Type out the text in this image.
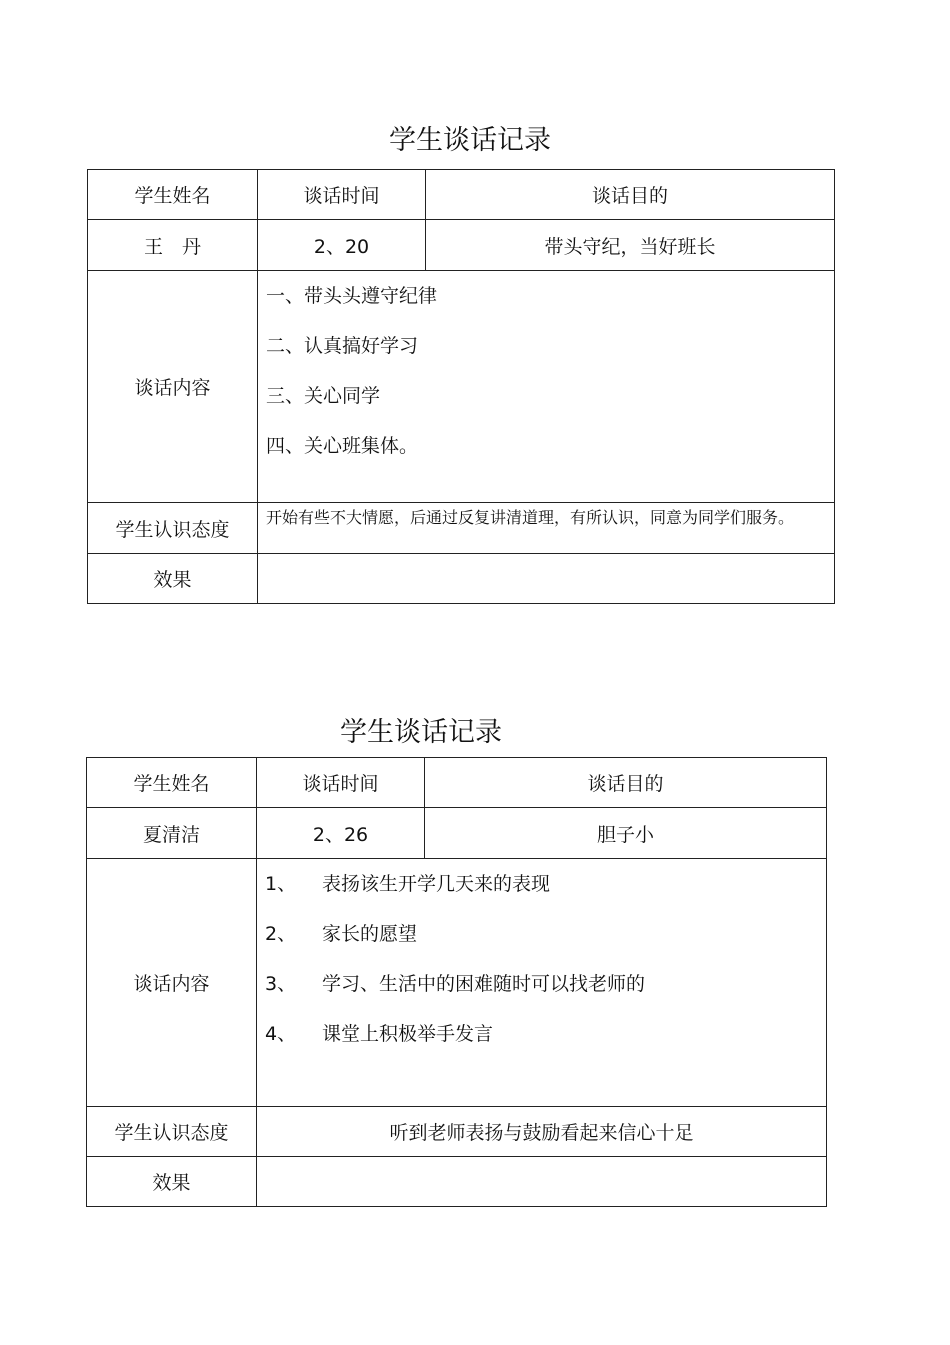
学生谈话记录
学生姓名	谈话时间	谈话目的
王　丹	2、20	带头守纪，当好班长
谈话内容	一、带头头遵守纪律
二、认真搞好学习
三、关心同学
四、关心班集体。	

学生认识态度	开始有些不大情愿，后通过反复讲清道理，有所认识，同意为同学们服务。	
效果		
学生谈话记录
学生姓名	谈话时间	谈话目的
夏清洁	2、26	胆子小
谈话内容	1、 表扬该生开学几天来的表现
2、 家长的愿望
3、 学习、生活中的困难随时可以找老师的
4、 课堂上积极举手发言	

学生认识态度	听到老师表扬与鼓励看起来信心十足	
效果		
